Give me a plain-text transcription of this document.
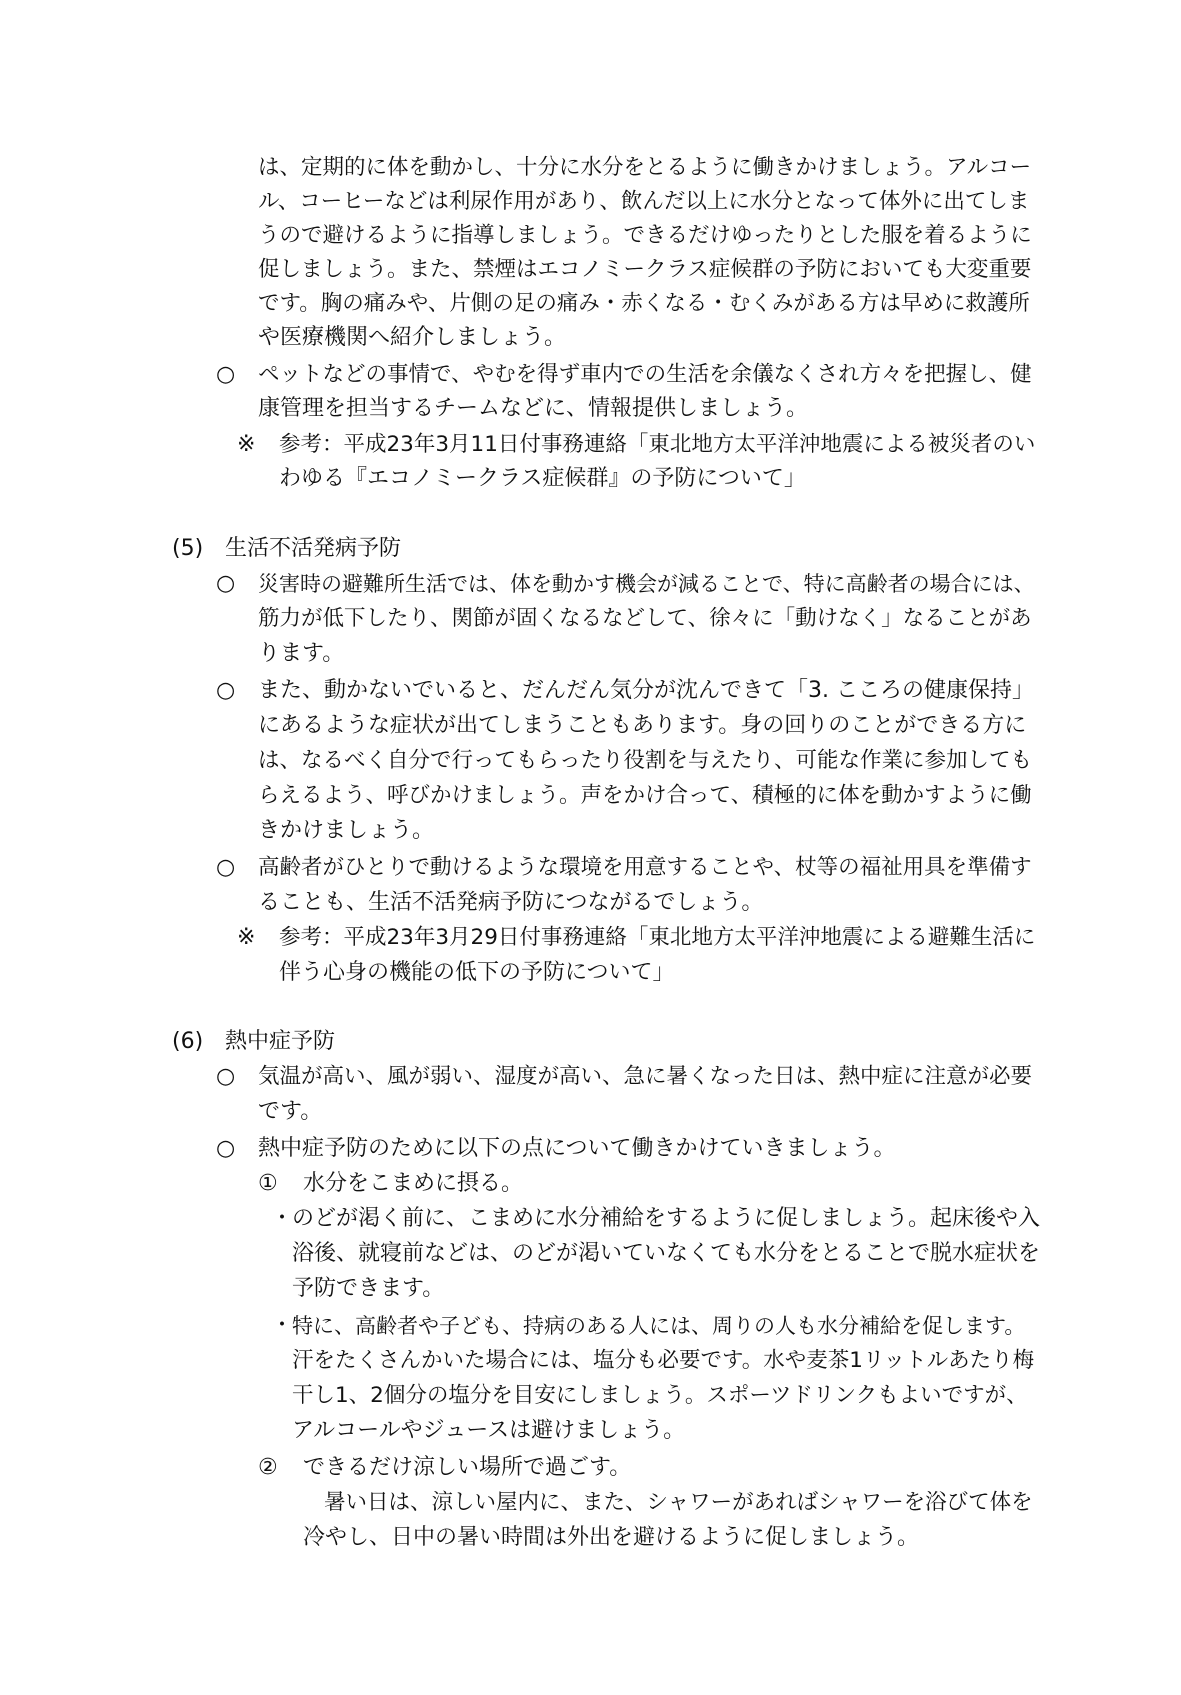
は、定期的に体を動かし、十分に水分をとるように働きかけましょう。アルコー
ル、コーヒーなどは利尿作用があり、飲んだ以上に水分となって体外に出てしま
うので避けるように指導しましょう。できるだけゆったりとした服を着るように
促しましょう。また、禁煙はエコノミークラス症候群の予防においても大変重要
です。胸の痛みや、片側の足の痛み・赤くなる・むくみがある方は早めに救護所
や医療機関へ紹介しましょう。
○ ペットなどの事情で、やむを得ず車内での生活を余儀なくされ方々を把握し、健
康管理を担当するチームなどに、情報提供しましょう。
※ 参考：平成23年3月11日付事務連絡「東北地方太平洋沖地震による被災者のい
わゆる『エコノミークラス症候群』の予防について」
(5) 生活不活発病予防
○ 災害時の避難所生活では、体を動かす機会が減ることで、特に高齢者の場合には、
筋力が低下したり、関節が固くなるなどして、徐々に「動けなく」なることがあ
ります。
○ また、動かないでいると、だんだん気分が沈んできて「3. こころの健康保持」
にあるような症状が出てしまうこともあります。身の回りのことができる方に
は、なるべく自分で行ってもらったり役割を与えたり、可能な作業に参加しても
らえるよう、呼びかけましょう。声をかけ合って、積極的に体を動かすように働
きかけましょう。
○ 高齢者がひとりで動けるような環境を用意することや、杖等の福祉用具を準備す
ることも、生活不活発病予防につながるでしょう。
※ 参考：平成23年3月29日付事務連絡「東北地方太平洋沖地震による避難生活に
伴う心身の機能の低下の予防について」
(6) 熱中症予防
○ 気温が高い、風が弱い、湿度が高い、急に暑くなった日は、熱中症に注意が必要
です。
○ 熱中症予防のために以下の点について働きかけていきましょう。
① 水分をこまめに摂る。
・
のどが渇く前に、こまめに水分補給をするように促しましょう。起床後や入
浴後、就寝前などは、のどが渇いていなくても水分をとることで脱水症状を
予防できます。
・
特に、高齢者や子ども、持病のある人には、周りの人も水分補給を促します。
汗をたくさんかいた場合には、塩分も必要です。水や麦茶1リットルあたり梅
干し1、2個分の塩分を目安にしましょう。スポーツドリンクもよいですが、
アルコールやジュースは避けましょう。
② できるだけ涼しい場所で過ごす。
暑い日は、涼しい屋内に、また、シャワーがあればシャワーを浴びて体を
冷やし、日中の暑い時間は外出を避けるように促しましょう。
